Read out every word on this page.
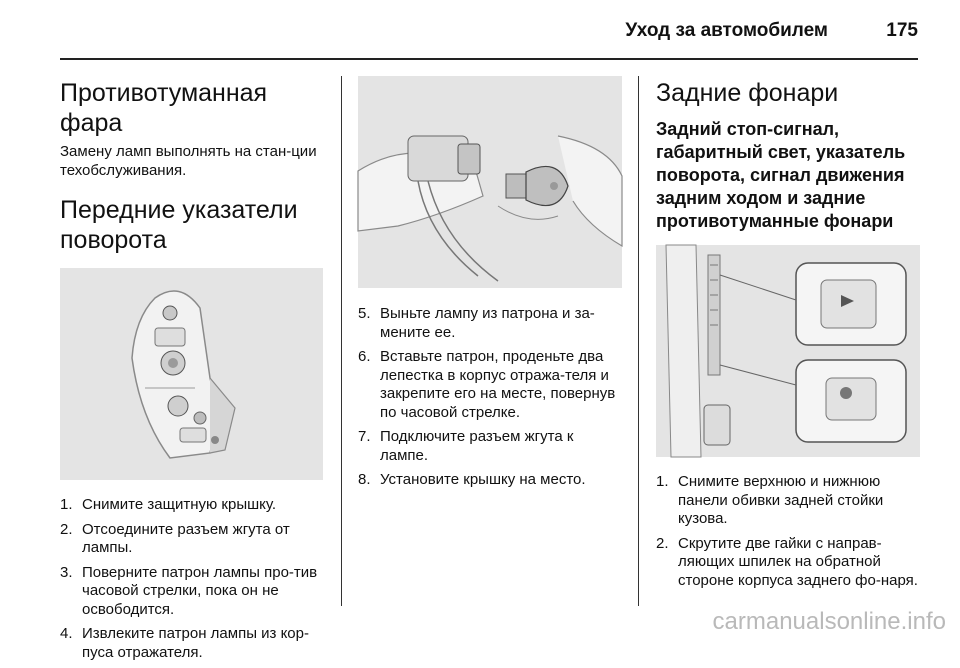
Уход за автомобилем	175
Противотуманная фара

Замену ламп выполнять на стан-ции техобслуживания.

Передние указатели поворота
1. Снимите защитную крышку.
2. Отсоедините разъем жгута от лампы.
3. Поверните патрон лампы про-тив часовой стрелки, пока он не освободится.
4. Извлеките патрон лампы из кор-пуса отражателя.
5. Выньте лампу из патрона и за-мените ее.
6. Вставьте патрон, проденьте два лепестка в корпус отража-теля и закрепите его на месте, повернув по часовой стрелке.
7. Подключите разъем жгута к лампе.
8. Установите крышку на место.
Задние фонари
Задний стоп-сигнал, габаритный свет, указатель поворота, сигнал движения задним ходом и задние противотуманные фонари
1. Снимите верхнюю и нижнюю панели обивки задней стойки кузова.
2. Скрутите две гайки с направ-ляющих шпилек на обратной стороне корпуса заднего фо-наря.
carmanualsonline.info
